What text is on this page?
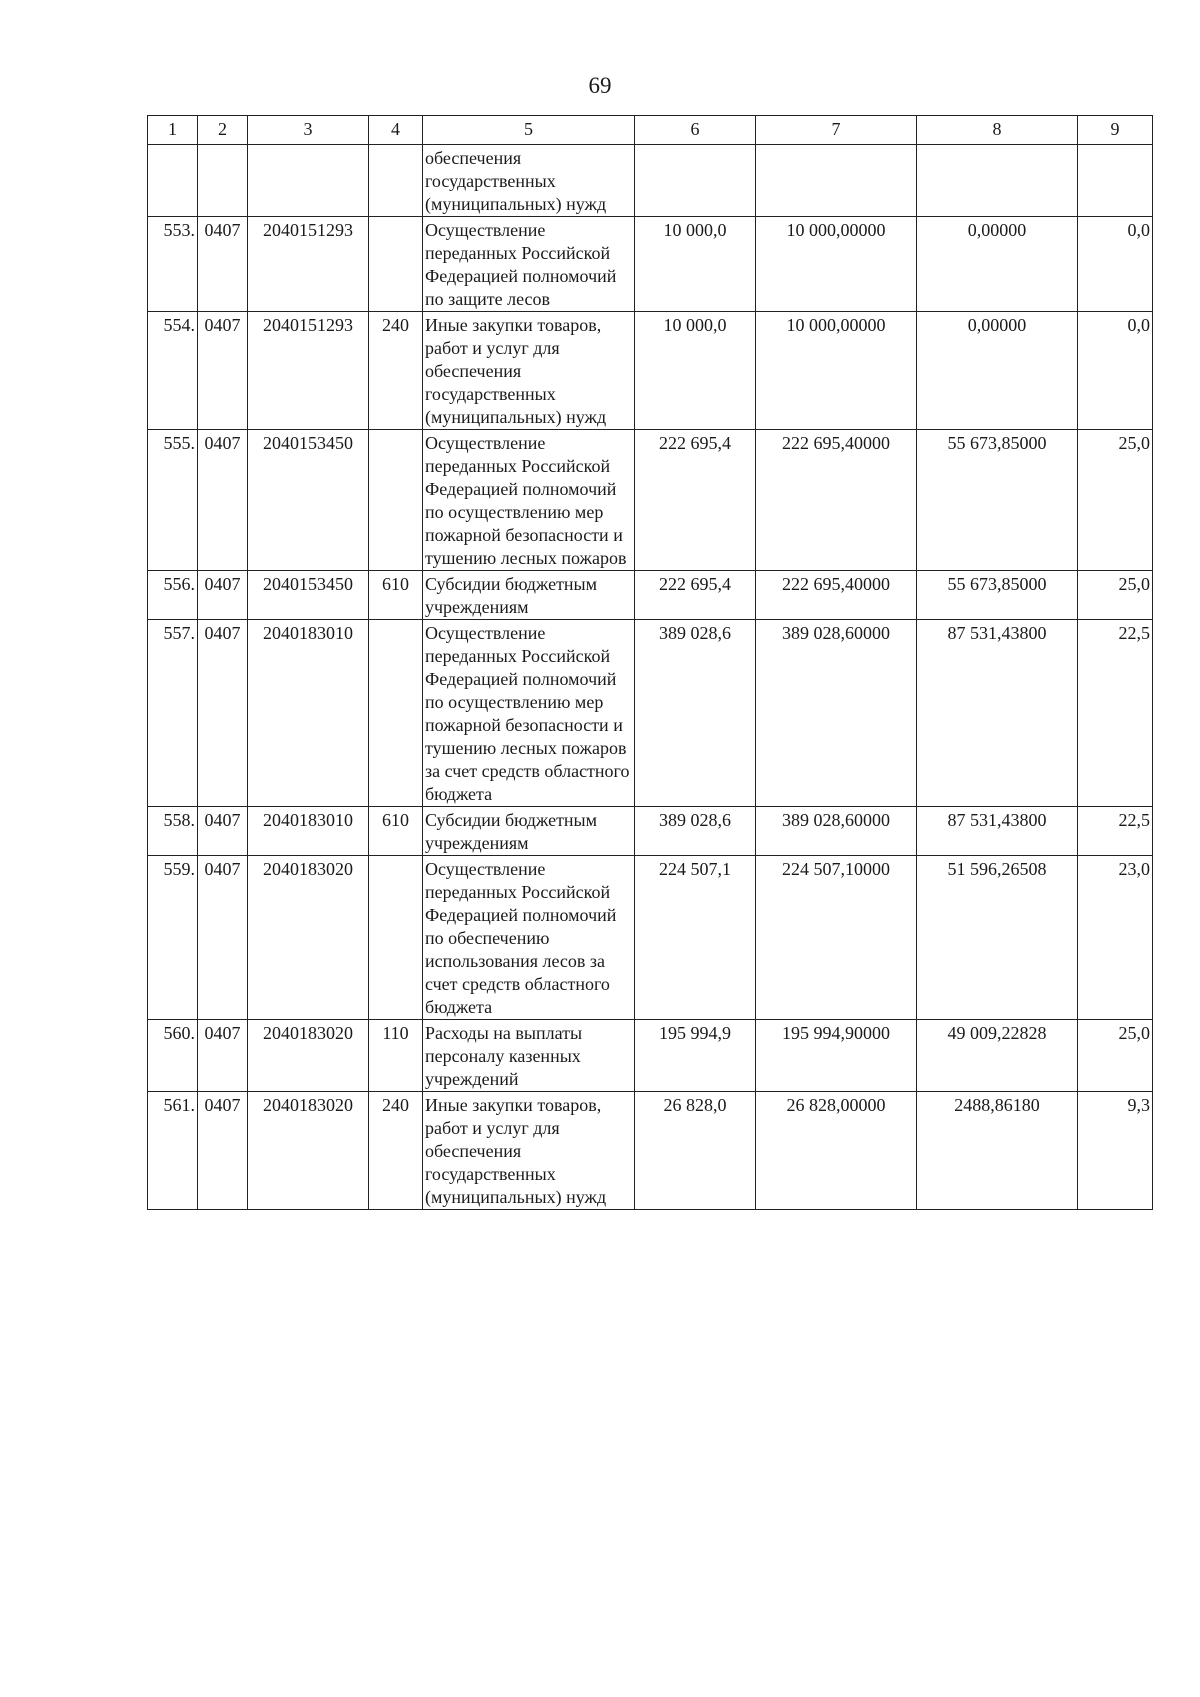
69
1	2	3	4	5	6	7	8	9
				обеспечения государственных (муниципальных) нужд				
553.	0407	2040151293		Осуществление переданных Российской Федерацией полномочий по защите лесов	10 000,0	10 000,00000	0,00000	0,0
554.	0407	2040151293	240	Иные закупки товаров, работ и услуг для обеспечения государственных (муниципальных) нужд	10 000,0	10 000,00000	0,00000	0,0
555.	0407	2040153450		Осуществление переданных Российской Федерацией полномочий по осуществлению мер пожарной безопасности и тушению лесных пожаров	222 695,4	222 695,40000	55 673,85000	25,0
556.	0407	2040153450	610	Субсидии бюджетным учреждениям	222 695,4	222 695,40000	55 673,85000	25,0
557.	0407	2040183010		Осуществление переданных Российской Федерацией полномочий по осуществлению мер пожарной безопасности и тушению лесных пожаров за счет средств областного бюджета	389 028,6	389 028,60000	87 531,43800	22,5
558.	0407	2040183010	610	Субсидии бюджетным учреждениям	389 028,6	389 028,60000	87 531,43800	22,5
559.	0407	2040183020		Осуществление переданных Российской Федерацией полномочий по обеспечению использования лесов за счет средств областного бюджета	224 507,1	224 507,10000	51 596,26508	23,0
560.	0407	2040183020	110	Расходы на выплаты персоналу казенных учреждений	195 994,9	195 994,90000	49 009,22828	25,0
561.	0407	2040183020	240	Иные закупки товаров, работ и услуг для обеспечения государственных (муниципальных) нужд	26 828,0	26 828,00000	2488,86180	9,3
